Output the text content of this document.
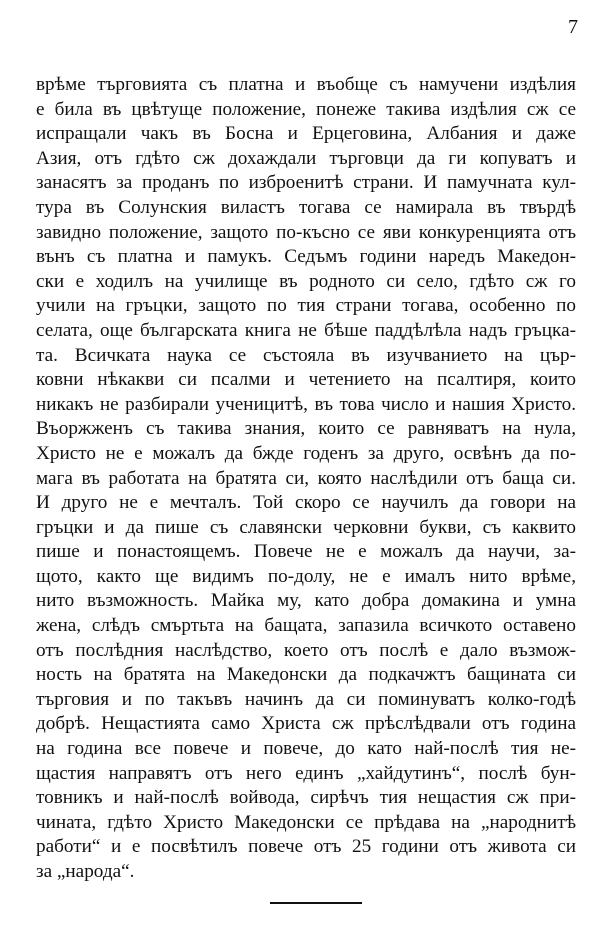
7
врѣме търговията съ платна и въобще съ намучени издѣлия
е била въ цвѣтуще положение, понеже такива издѣлия сж се
испращали чакъ въ Босна и Ерцеговина, Албания и даже
Азия, отъ гдѣто сж дохаждали търговци да ги копуватъ и
занасятъ за проданъ по изброенитѣ страни. И памучната кул-
тура въ Солунския виластъ тогава се намирала въ твърдѣ
завидно положение, защото по-късно се яви конкуренцията отъ
вънъ съ платна и памукъ. Седъмъ години наредъ Македон-
ски е ходилъ на училище въ родното си село, гдѣто сж го
учили на гръцки, защото по тия страни тогава, особенно по
селата, още българската книга не бѣше паддѣлѣла надъ гръцка-
та. Всичката наука се състояла въ изучванието на цър-
ковни нѣкакви си псалми и четението на псалтиря, които
никакъ не разбирали ученицитѣ, въ това число и нашия Христо.
Въоржженъ съ такива знания, които се равняватъ на нула,
Христо не е можалъ да бжде годенъ за друго, освѣнъ да по-
мага въ работата на братята си, която наслѣдили отъ баща си.
И друго не е мечталъ. Той скоро се научилъ да говори на
гръцки и да пише съ славянски черковни букви, съ каквито
пише и понастоящемъ. Повече не е можалъ да научи, за-
щото, както ще видимъ по-долу, не е ималъ нито врѣме,
нито възможность. Майка му, като добра домакина и умна
жена, слѣдъ смъртьта на бащата, запазила всичкото оставено
отъ послѣдния наслѣдство, което отъ послѣ е дало възмож-
ность на братята на Македонски да подкачжтъ бащината си
търговия и по такъвъ начинъ да си поминуватъ колко-годѣ
добрѣ. Нещастията само Христа сж прѣслѣдвали отъ година
на година все повече и повече, до като най-послѣ тия не-
щастия направятъ отъ него единъ „хайдутинъ“, послѣ бун-
товникъ и най-послѣ войвода, сирѣчъ тия нещастия сж при-
чината, гдѣто Христо Македонски се прѣдава на „народнитѣ
работи“ и е посвѣтилъ повече отъ 25 години отъ живота си
за „народа“.
